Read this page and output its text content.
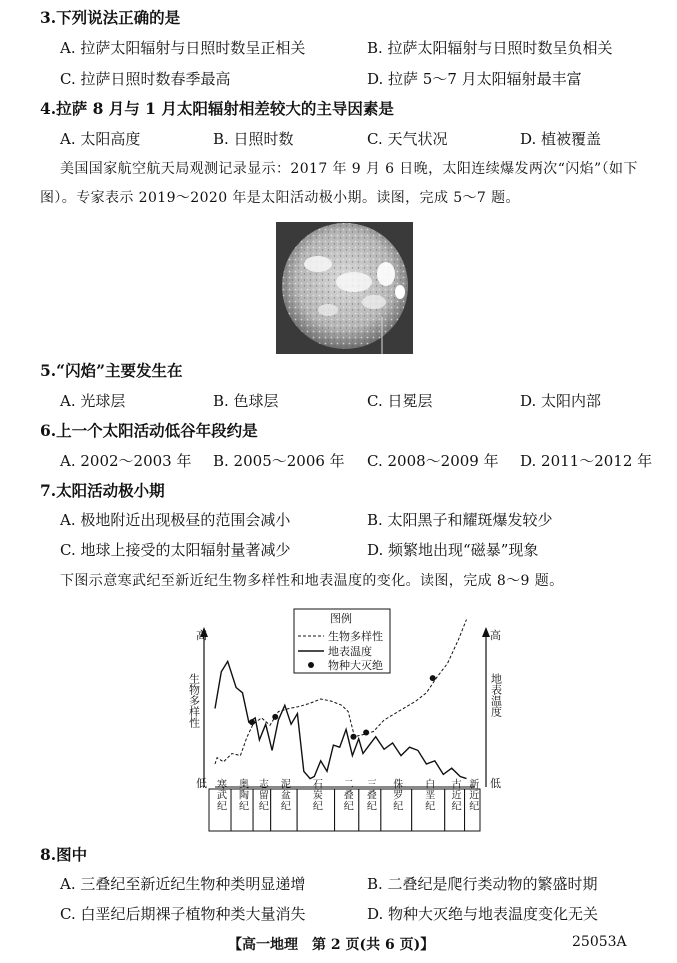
3.下列说法正确的是
A. 拉萨太阳辐射与日照时数呈正相关	B. 拉萨太阳辐射与日照时数呈负相关
C. 拉萨日照时数春季最高	D. 拉萨 5～7 月太阳辐射最丰富
4.拉萨 8 月与 1 月太阳辐射相差较大的主导因素是
A. 太阳高度	B. 日照时数	C. 天气状况	D. 植被覆盖
美国国家航空航天局观测记录显示：2017 年 9 月 6 日晚，太阳连续爆发两次“闪焰”（如下
图）。专家表示 2019～2020 年是太阳活动极小期。读图，完成 5～7 题。
5.“闪焰”主要发生在
A. 光球层	B. 色球层	C. 日冕层	D. 太阳内部
6.上一个太阳活动低谷年段约是
A. 2002～2003 年 B. 2005～2006 年 C. 2008～2009 年 D. 2011～2012 年
7.太阳活动极小期
A. 极地附近出现极昼的范围会减小	B. 太阳黑子和耀斑爆发较少
C. 地球上接受的太阳辐射量著减少	D. 频繁地出现“磁暴”现象
下图示意寒武纪至新近纪生物多样性和地表温度的变化。读图，完成 8～9 题。
高
低
高
低
生物多样性	地表温度
图例
生物多样性
地表温度
物种大灭绝
寒武纪 奥陶纪 志留纪 泥盆纪 石炭纪 二叠纪 三叠纪 侏罗纪 白垩纪 古近纪 新近纪
8.图中
A. 三叠纪至新近纪生物种类明显递增	B. 二叠纪是爬行类动物的繁盛时期
C. 白垩纪后期裸子植物种类大量消失	D. 物种大灭绝与地表温度变化无关
【高一地理　第 2 页(共 6 页)】	25053A
